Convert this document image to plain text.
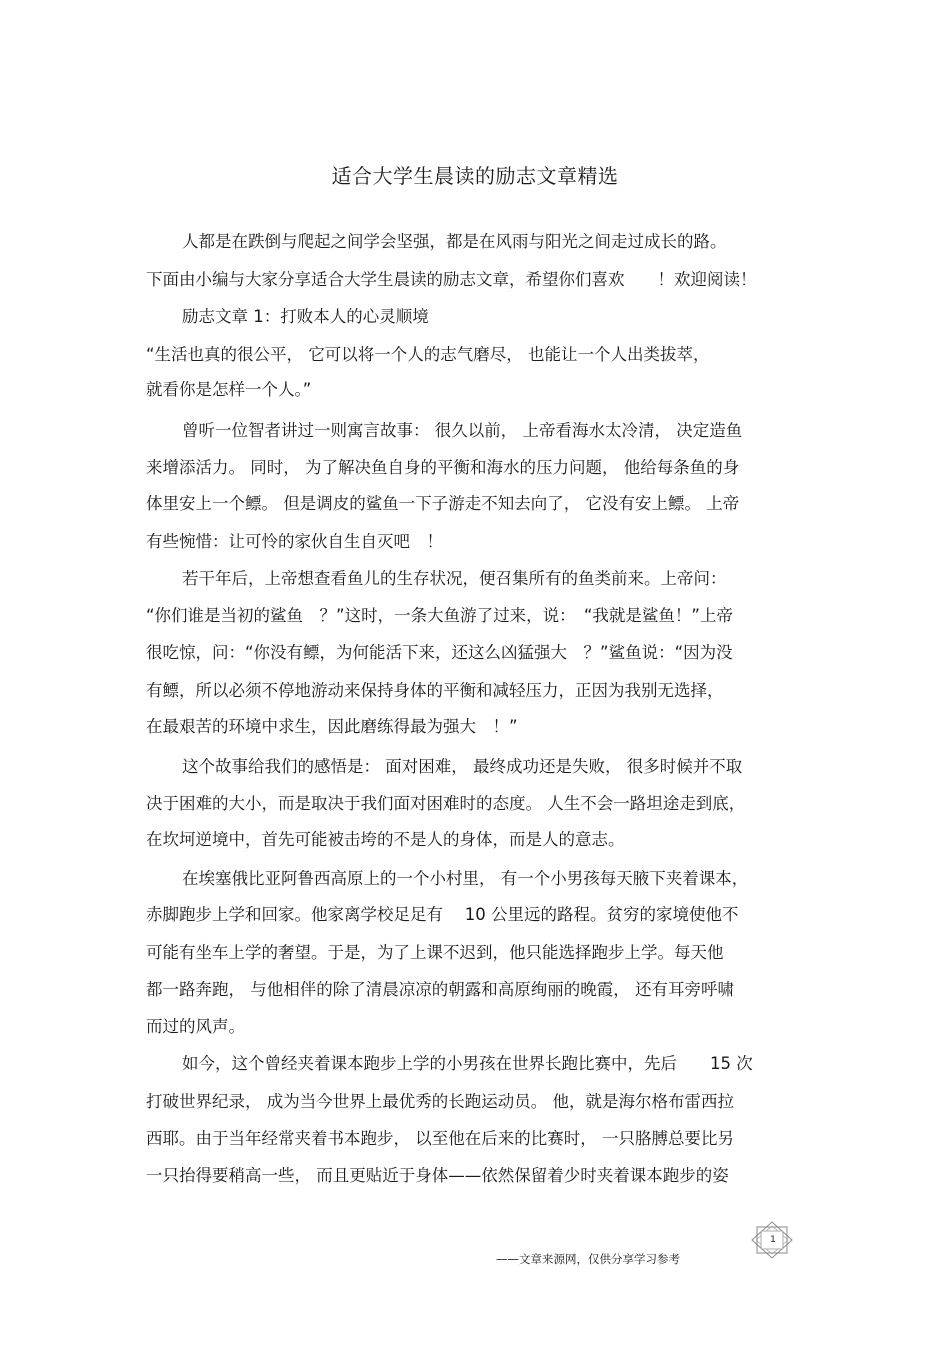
适合大学生晨读的励志文章精选
人都是在跌倒与爬起之间学会坚强，都是在风雨与阳光之间走过成长的路。
下面由小编与大家分享适合大学生晨读的励志文章，希望你们喜欢　　！欢迎阅读！
励志文章 1：打败本人的心灵顺境
“生活也真的很公平， 它可以将一个人的志气磨尽， 也能让一个人出类拔萃，
就看你是怎样一个人。”
曾听一位智者讲过一则寓言故事： 很久以前， 上帝看海水太冷清， 决定造鱼
来增添活力。 同时， 为了解决鱼自身的平衡和海水的压力问题， 他给每条鱼的身
体里安上一个鳔。 但是调皮的鲨鱼一下子游走不知去向了， 它没有安上鳔。 上帝
有些惋惜：让可怜的家伙自生自灭吧　！
若干年后，上帝想查看鱼儿的生存状况，便召集所有的鱼类前来。上帝问：
“你们谁是当初的鲨鱼　？”这时，一条大鱼游了过来，说：　“我就是鲨鱼！”上帝
很吃惊，问：“你没有鳔，为何能活下来，还这么凶猛强大　？”鲨鱼说：“因为没
有鳔，所以必须不停地游动来保持身体的平衡和减轻压力，正因为我别无选择，
在最艰苦的环境中求生，因此磨练得最为强大　！”
这个故事给我们的感悟是： 面对困难， 最终成功还是失败， 很多时候并不取
决于困难的大小，而是取决于我们面对困难时的态度。 人生不会一路坦途走到底，
在坎坷逆境中，首先可能被击垮的不是人的身体，而是人的意志。
在埃塞俄比亚阿鲁西高原上的一个小村里， 有一个小男孩每天腋下夹着课本，
赤脚跑步上学和回家。他家离学校足足有　 10 公里远的路程。贫穷的家境使他不
可能有坐车上学的奢望。于是，为了上课不迟到，他只能选择跑步上学。每天他
都一路奔跑， 与他相伴的除了清晨凉凉的朝露和高原绚丽的晚霞， 还有耳旁呼啸
而过的风声。
如今，这个曾经夹着课本跑步上学的小男孩在世界长跑比赛中，先后　　15 次
打破世界纪录， 成为当今世界上最优秀的长跑运动员。 他，就是海尔格布雷西拉
西耶。由于当年经常夹着书本跑步， 以至他在后来的比赛时， 一只胳膊总要比另
一只抬得要稍高一些， 而且更贴近于身体——依然保留着少时夹着课本跑步的姿
——文章来源网，仅供分享学习参考
1
